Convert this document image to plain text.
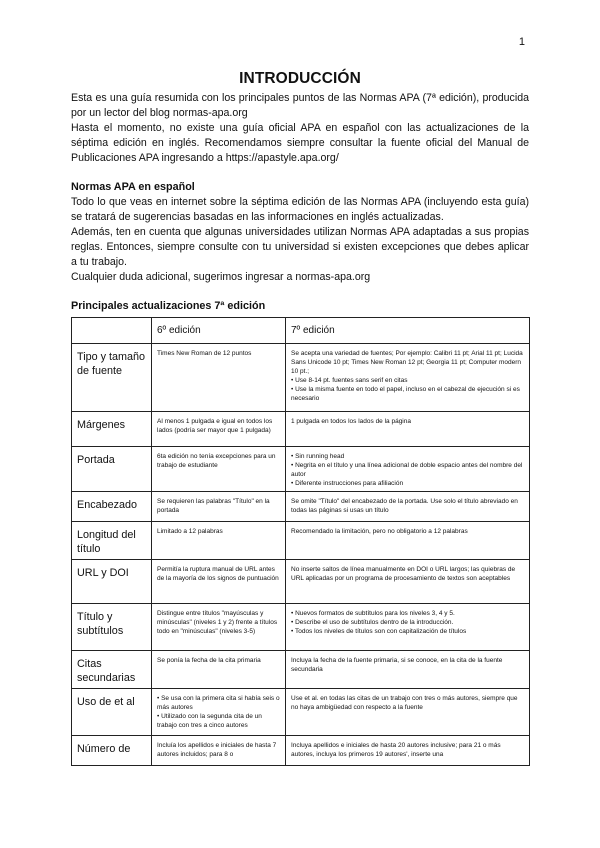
1
INTRODUCCIÓN

Esta es una guía resumida con los principales puntos de las Normas APA (7ª edición), producida por un lector del blog normas-apa.org

Hasta el momento, no existe una guía oficial APA en español con las actualizaciones de la séptima edición en inglés. Recomendamos siempre consultar la fuente oficial del Manual de Publicaciones APA ingresando a https://apastyle.apa.org/

Normas APA en español

Todo lo que veas en internet sobre la séptima edición de las Normas APA (incluyendo esta guía) se tratará de sugerencias basadas en las informaciones en inglés actualizadas.

Además, ten en cuenta que algunas universidades utilizan Normas APA adaptadas a sus propias reglas. Entonces, siempre consulte con tu universidad si existen excepciones que debes aplicar a tu trabajo.

Cualquier duda adicional, sugerimos ingresar a normas-apa.org

Principales actualizaciones 7ª edición
	6º edición	7º edición
Tipo y tamaño de fuente	Times New Roman de 12 puntos	Se acepta una variedad de fuentes; Por ejemplo: Calibri 11 pt; Arial 11 pt; Lucida Sans Unicode 10 pt; Times New Roman 12 pt; Georgia 11 pt; Computer modern 10 pt.;
• Use 8-14 pt. fuentes sans serif en citas
• Use la misma fuente en todo el papel, incluso en el cabezal de ejecución si es necesario

Márgenes	Al menos 1 pulgada e igual en todos los lados (podría ser mayor que 1 pulgada)	1 pulgada en todos los lados de la página

Portada	6ta edición no tenía excepciones para un trabajo de estudiante	• Sin running head
• Negrita en el título y una línea adicional de doble espacio antes del nombre del autor
• Diferente instrucciones para afiliación

Encabezado	Se requieren las palabras "Título" en la portada	Se omite "Título" del encabezado de la portada. Use solo el título abreviado en todas las páginas si usas un título

Longitud del título	Limitado a 12 palabras	Recomendado la limitación, pero no obligatorio a 12 palabras

URL y DOI	Permitía la ruptura manual de URL antes de la mayoría de los signos de puntuación	No inserte saltos de línea manualmente en DOI o URL largos; las quiebras de URL aplicadas por un programa de procesamiento de textos son aceptables

Título y subtítulos	Distingue entre títulos "mayúsculas y minúsculas" (niveles 1 y 2) frente a títulos todo en "minúsculas" (niveles 3-5)	• Nuevos formatos de subtítulos para los niveles 3, 4 y 5.
• Describe el uso de subtítulos dentro de la introducción.
• Todos los niveles de títulos son con capitalización de títulos

Citas secundarias	Se ponía la fecha de la cita primaria	Incluya la fecha de la fuente primaria, si se conoce, en la cita de la fuente secundaria

Uso de et al	• Se usa con la primera cita si había seis o más autores
• Utilizado con la segunda cita de un trabajo con tres a cinco autores	Use et al. en todas las citas de un trabajo con tres o más autores, siempre que no haya ambigüedad con respecto a la fuente

Número de	Incluía los apellidos e iniciales de hasta 7 autores incluidos; para 8 o	Incluya apellidos e iniciales de hasta 20 autores inclusive; para 21 o más autores, incluya los primeros 19 autores', inserte una
